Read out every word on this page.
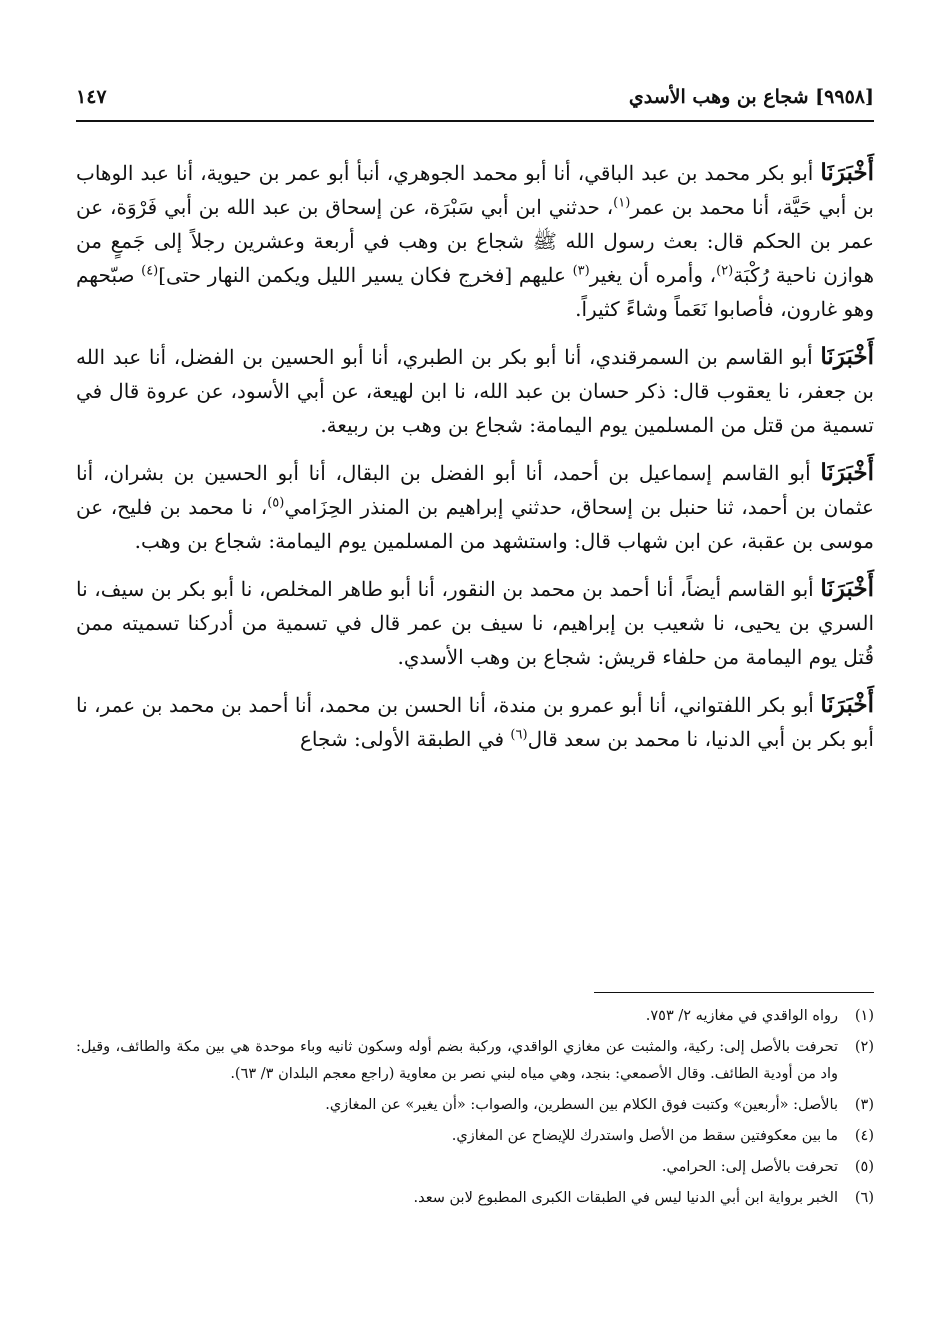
[٩٩٥٨] شجاع بن وهب الأسدي
١٤٧

أَخْبَرَنَا أبو بكر محمد بن عبد الباقي، أنا أبو محمد الجوهري، أنبأ أبو عمر بن حيوية، أنا عبد الوهاب بن أبي حَيَّة، أنا محمد بن عمر$^{(١)}$، حدثني ابن أبي سَبْرَة، عن إسحاق بن عبد الله بن أبي فَرْوَة، عن عمر بن الحكم قال: بعث رسول الله ﷺ شجاع بن وهب في أربعة وعشرين رجلاً إلى جَمعٍ من هوازن ناحية رُكْبَة$^{(٢)}$، وأمره أن يغير$^{(٣)}$ عليهم [فخرج فكان يسير الليل ويكمن النهار حتى]$^{(٤)}$ صبّحهم وهو غارون، فأصابوا نَعَماً وشاءً كثيراً.

أَخْبَرَنَا أبو القاسم بن السمرقندي، أنا أبو بكر بن الطبري، أنا أبو الحسين بن الفضل، أنا عبد الله بن جعفر، نا يعقوب قال: ذكر حسان بن عبد الله، نا ابن لهيعة، عن أبي الأسود، عن عروة قال في تسمية من قتل من المسلمين يوم اليمامة: شجاع بن وهب بن ربيعة.

أَخْبَرَنَا أبو القاسم إسماعيل بن أحمد، أنا أبو الفضل بن البقال، أنا أبو الحسين بن بشران، أنا عثمان بن أحمد، ثنا حنبل بن إسحاق، حدثني إبراهيم بن المنذر الحِزَامي$^{(٥)}$، نا محمد بن فليح، عن موسى بن عقبة، عن ابن شهاب قال: واستشهد من المسلمين يوم اليمامة: شجاع بن وهب.

أَخْبَرَنَا أبو القاسم أيضاً، أنا أحمد بن محمد بن النقور، أنا أبو طاهر المخلص، نا أبو بكر بن سيف، نا السري بن يحيى، نا شعيب بن إبراهيم، نا سيف بن عمر قال في تسمية من أدركنا تسميته ممن قُتل يوم اليمامة من حلفاء قريش: شجاع بن وهب الأسدي.

أَخْبَرَنَا أبو بكر اللفتواني، أنا أبو عمرو بن مندة، أنا الحسن بن محمد، أنا أحمد بن محمد بن عمر، نا أبو بكر بن أبي الدنيا، نا محمد بن سعد قال$^{(٦)}$ في الطبقة الأولى: شجاع

(١)
رواه الواقدي في مغازيه ٢/ ٧٥٣.
(٢)
تحرفت بالأصل إلى: ركية، والمثبت عن مغازي الواقدي، وركبة بضم أوله وسكون ثانيه وباء موحدة هي بين مكة والطائف، وقيل: واد من أودية الطائف. وقال الأصمعي: بنجد، وهي مياه لبني نصر بن معاوية (راجع معجم البلدان ٣/ ٦٣).
(٣)
بالأصل: «أربعين» وكتبت فوق الكلام بين السطرين، والصواب: «أن يغير» عن المغازي.
(٤)
ما بين معكوفتين سقط من الأصل واستدرك للإيضاح عن المغازي.
(٥)
تحرفت بالأصل إلى: الحرامي.
(٦)
الخبر برواية ابن أبي الدنيا ليس في الطبقات الكبرى المطبوع لابن سعد.
